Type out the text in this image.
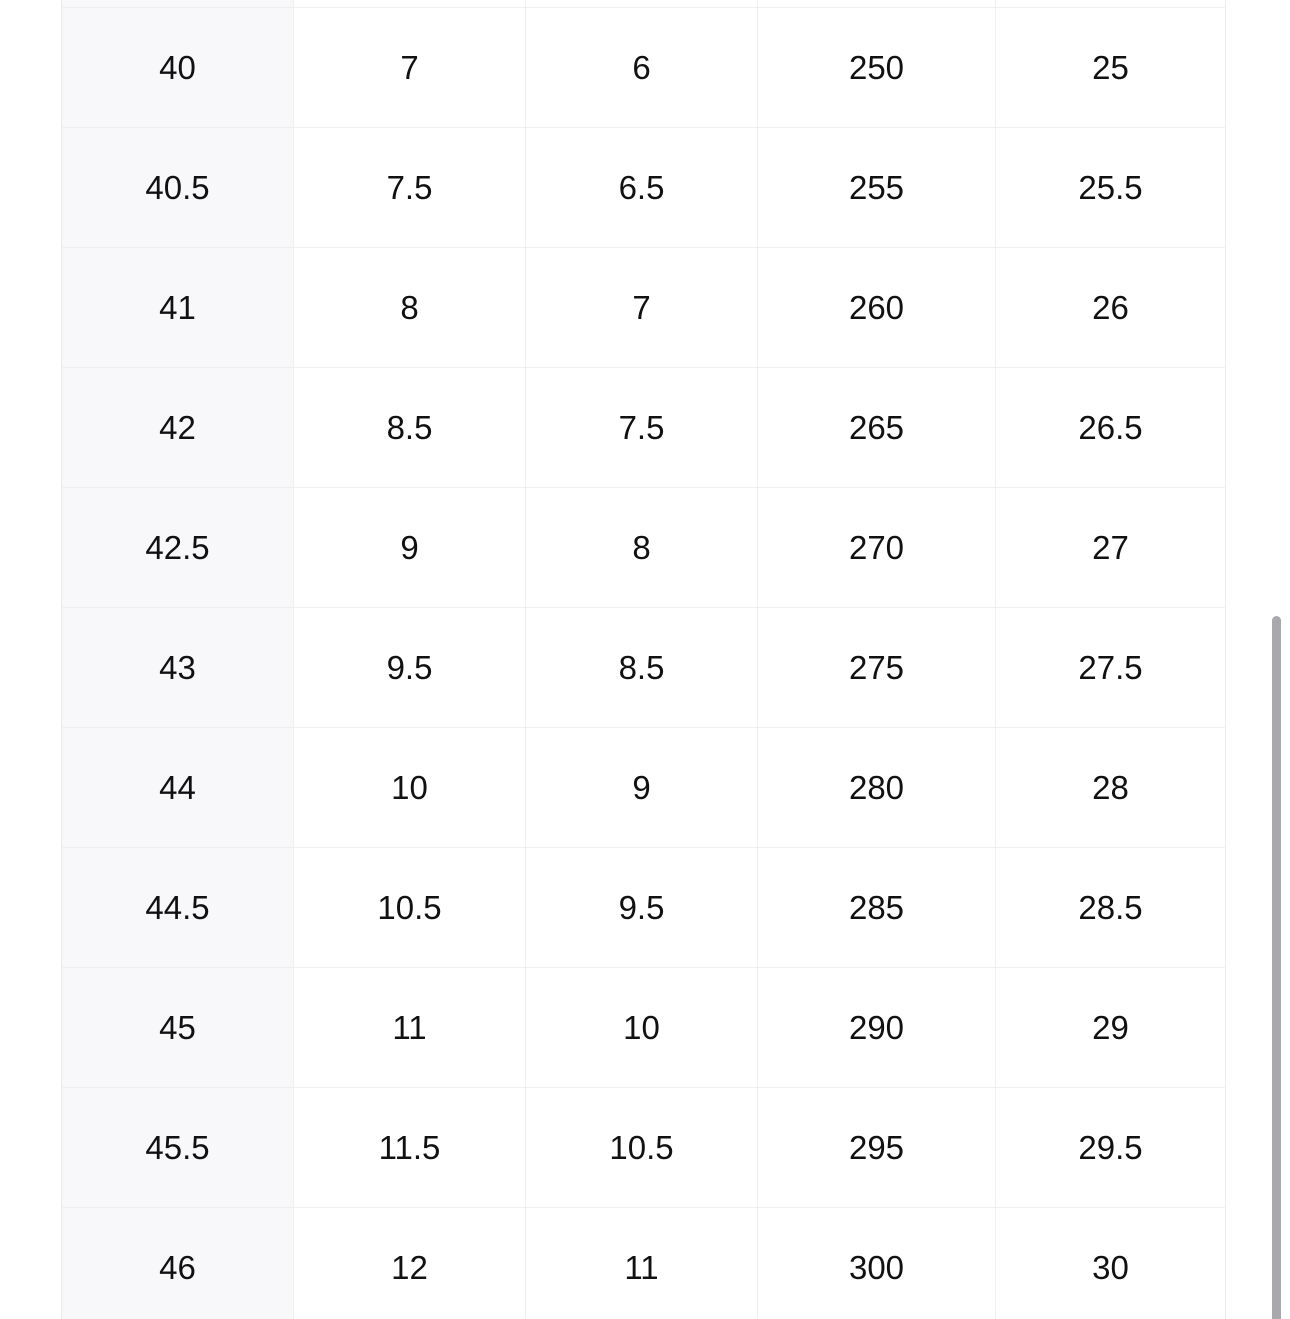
40	7	6	250	25
40.5	7.5	6.5	255	25.5
41	8	7	260	26
42	8.5	7.5	265	26.5
42.5	9	8	270	27
43	9.5	8.5	275	27.5
44	10	9	280	28
44.5	10.5	9.5	285	28.5
45	11	10	290	29
45.5	11.5	10.5	295	29.5
46	12	11	300	30
